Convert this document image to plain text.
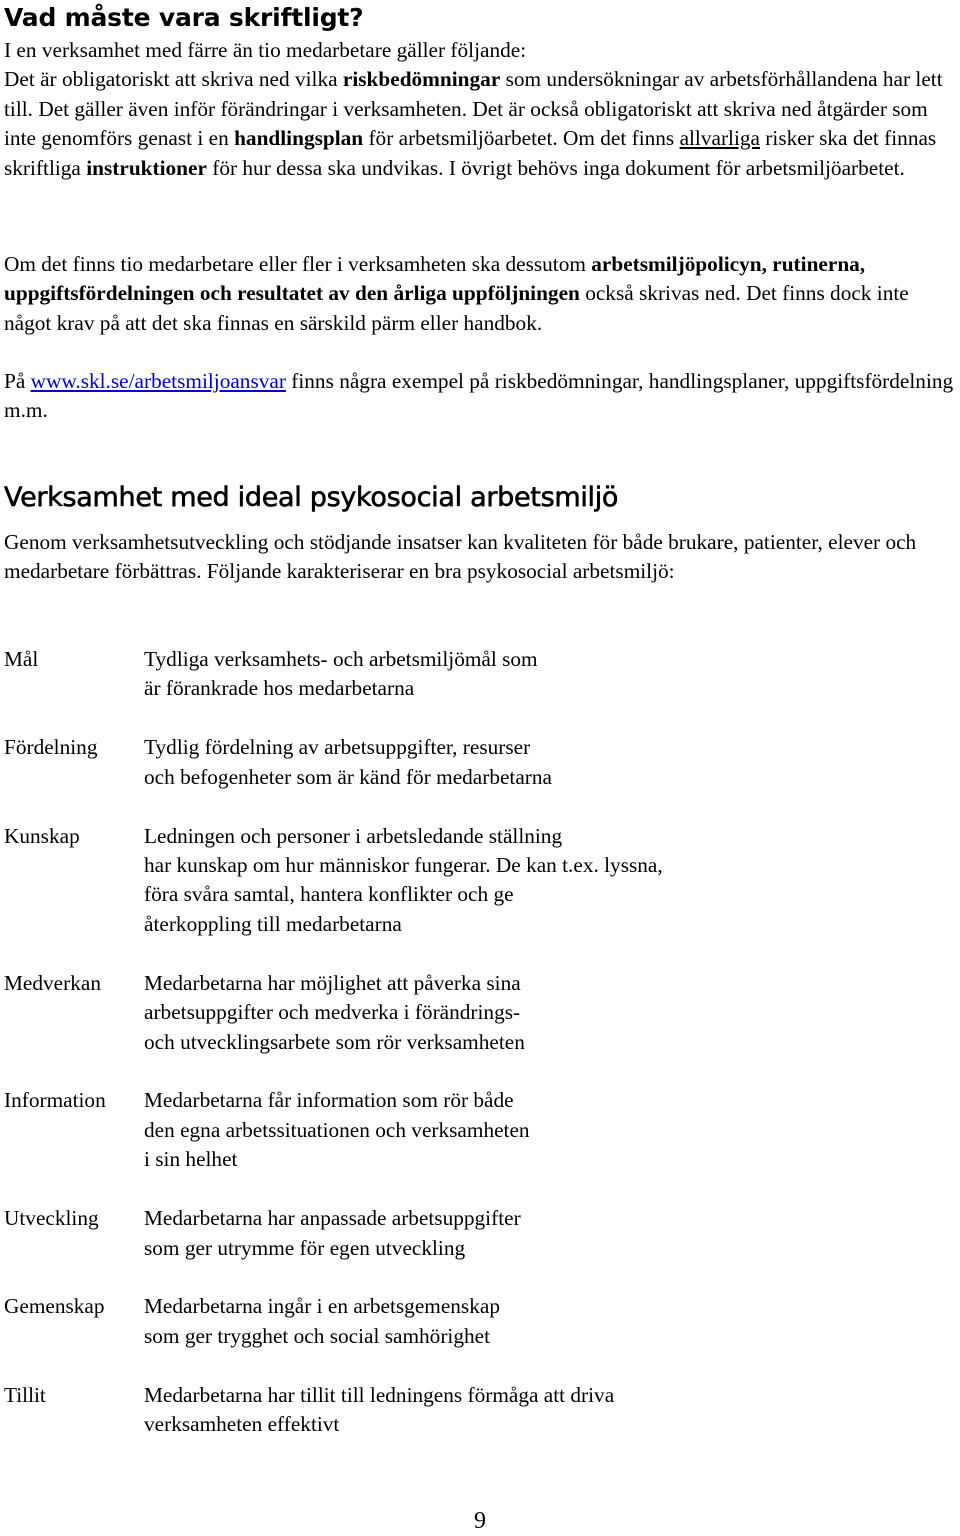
Vad måste vara skriftligt?

I en verksamhet med färre än tio medarbetare gäller följande:
Det är obligatoriskt att skriva ned vilka riskbedömningar som undersökningar av arbetsförhållandena har lett till. Det gäller även inför förändringar i verksamheten. Det är också obligatoriskt att skriva ned åtgärder som inte genomförs genast i en handlingsplan för arbetsmiljöarbetet. Om det finns allvarliga risker ska det finnas skriftliga instruktioner för hur dessa ska undvikas. I övrigt behövs inga dokument för arbetsmiljöarbetet.

Om det finns tio medarbetare eller fler i verksamheten ska dessutom arbetsmiljöpolicyn, rutinerna, uppgiftsfördelningen och resultatet av den årliga uppföljningen också skrivas ned. Det finns dock inte något krav på att det ska finnas en särskild pärm eller handbok.

På www.skl.se/arbetsmiljoansvar finns några exempel på riskbedömningar, handlingsplaner, uppgiftsfördelning m.m.

Verksamhet med ideal psykosocial arbetsmiljö

Genom verksamhetsutveckling och stödjande insatser kan kvaliteten för både brukare, patienter, elever och medarbetare förbättras. Följande karakteriserar en bra psykosocial arbetsmiljö:

Mål	Tydliga verksamhets- och arbetsmiljömål som
är förankrade hos medarbetarna
Fördelning	Tydlig fördelning av arbetsuppgifter, resurser
och befogenheter som är känd för medarbetarna
Kunskap	Ledningen och personer i arbetsledande ställning
har kunskap om hur människor fungerar. De kan t.ex. lyssna,
föra svåra samtal, hantera konflikter och ge
återkoppling till medarbetarna
Medverkan	Medarbetarna har möjlighet att påverka sina
arbetsuppgifter och medverka i förändrings-
och utvecklingsarbete som rör verksamheten
Information	Medarbetarna får information som rör både
den egna arbetssituationen och verksamheten
i sin helhet
Utveckling	Medarbetarna har anpassade arbetsuppgifter
som ger utrymme för egen utveckling
Gemenskap	Medarbetarna ingår i en arbetsgemenskap
som ger trygghet och social samhörighet
Tillit	Medarbetarna har tillit till ledningens förmåga att driva
verksamheten effektivt
9
